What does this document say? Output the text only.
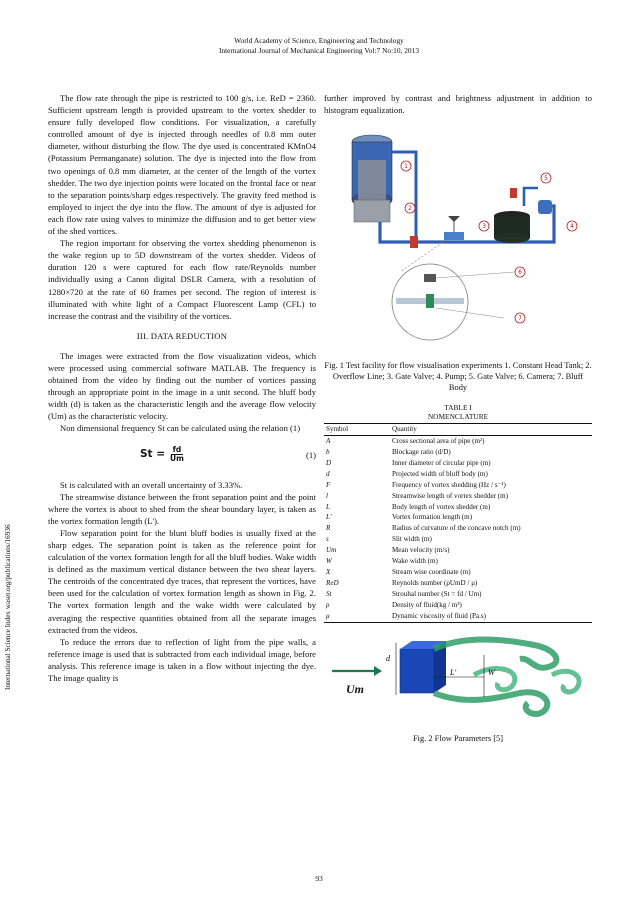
World Academy of Science, Engineering and Technology
International Journal of Mechanical Engineering Vol:7 No:10, 2013
International Science Index waset.org/publications/16936

The flow rate through the pipe is restricted to 100 g/s, i.e. ReD = 2360. Sufficient upstream length is provided upstream to the vortex shedder to ensure fully developed flow conditions. For visualization, a carefully controlled amount of dye is injected through needles of 0.8 mm outer diameter, without disturbing the flow. The dye used is concentrated KMnO4 (Potassium Permanganate) solution. The dye is injected into the flow from two openings of 0.8 mm diameter, at the center of the length of the vortex shedder. The two dye injection points were located on the frontal face or near to the separation points/sharp edges respectively. The gravity feed method is employed to inject the dye into the flow. The amount of dye is adjusted for each flow rate using valves to minimize the diffusion and to get better view of the shed vortices.

The region important for observing the vortex shedding phenomenon is the wake region up to 5D downstream of the vortex shedder. Videos of duration 120 s were captured for each flow rate/Reynolds number individually using a Canon digital DSLR Camera, with a resolution of 1280×720 at the rate of 60 frames per second. The region of interest is illuminated with white light of a Compact Fluorescent Lamp (CFL) to increase the contrast and the visibility of the vortices.

III. DATA REDUCTION

The images were extracted from the flow visualization videos, which were processed using commercial software MATLAB. The frequency is obtained from the video by finding out the number of vortices passing through an appropriate point in the image in a unit second. The bluff body width (d) is taken as the characteristic length and the average flow velocity (Um) as the characteristic velocity.

Non dimensional frequency St can be calculated using the relation (1)

$St = \frac{fd}{Um}$	(1)

St is calculated with an overall uncertainty of 3.33%.

The streamwise distance between the front separation point and the point where the vortex is about to shed from the shear boundary layer, is taken as the vortex formation length (L').

Flow separation point for the blunt bluff bodies is usually fixed at the sharp edges. The separation point is taken as the reference point for calculation of the vortex formation length for all the bluff bodies. Wake width is defined as the maximum vertical distance between the two shear layers. The centroids of the concentrated dye traces, that represent the vortices, have been used for the calculation of vortex formation length as shown in Fig. 2. The vortex formation length and the wake width were calculated by averaging the respective quantities obtained from all the separate images extracted from the videos.

To reduce the errors due to reflection of light from the pipe walls, a reference image is used that is subtracted from each individual image, before analysis. This reference image is taken in a flow without injecting the dye. The image quality is

further improved by contrast and brightness adjustment in addition to histogram equalization.

1
2
3	4
5
6
7
Fig. 1 Test facility for flow visualisation experiments 1. Constant Head Tank; 2. Overflow Line; 3. Gate Valve; 4. Pump; 5. Gate Valve; 6. Camera; 7. Bluff Body
TABLE I
NOMENCLATURE
Symbol	Quantity
A	Cross sectional area of pipe (m²)
b	Blockage ratio (d/D)
D	Inner diameter of circular pipe (m)
d	Projected width of bluff body (m)
F	Frequency of vortex shedding (Hz / s⁻¹)
l	Streamwise length of vortex shedder (m)
L	Body length of vortex shedder (m)
L'	Vortex formation length (m)
R	Radius of curvature of the concave notch (m)
s	Slit width (m)
Um	Mean velocity (m/s)
W	Wake width (m)
X	Stream wise coordinate (m)
ReD	Reynolds number (ρUmD / μ)
St	Strouhal number (St = fd / Um)
ρ	Density of fluid(kg / m³)
μ	Dynamic viscosity of fluid (Pa.s)
Um
d
L'	W
Fig. 2 Flow Parameters [5]
93
